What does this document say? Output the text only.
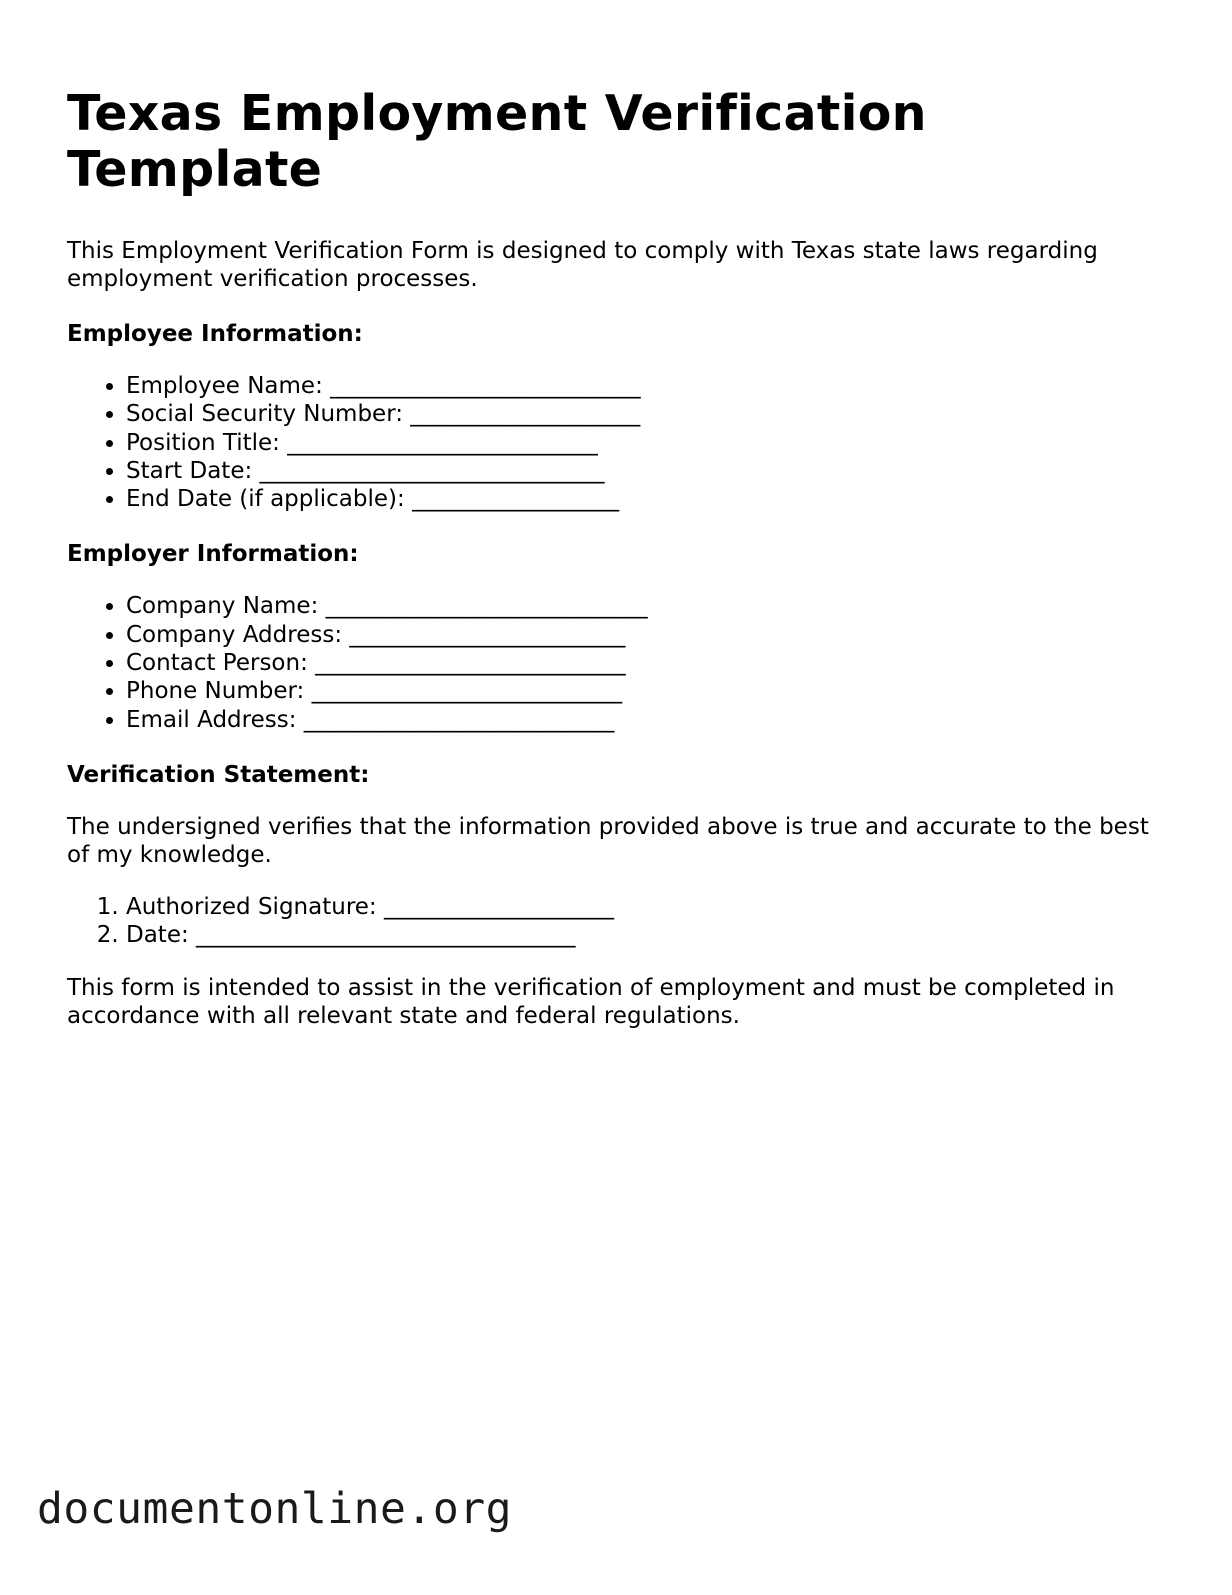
Texas Employment Verification Template

This Employment Verification Form is designed to comply with Texas state laws regarding employment verification processes.

Employee Information:

• Employee Name: ___________________________
• Social Security Number: ____________________
• Position Title: ___________________________
• Start Date: ______________________________
• End Date (if applicable): __________________

Employer Information:

• Company Name: ____________________________
• Company Address: ________________________
• Contact Person: ___________________________
• Phone Number: ___________________________
• Email Address: ___________________________

Verification Statement:

The undersigned verifies that the information provided above is true and accurate to the best of my knowledge.

1. Authorized Signature: ____________________
2. Date: _________________________________

This form is intended to assist in the verification of employment and must be completed in accordance with all relevant state and federal regulations.

documentonline.org
